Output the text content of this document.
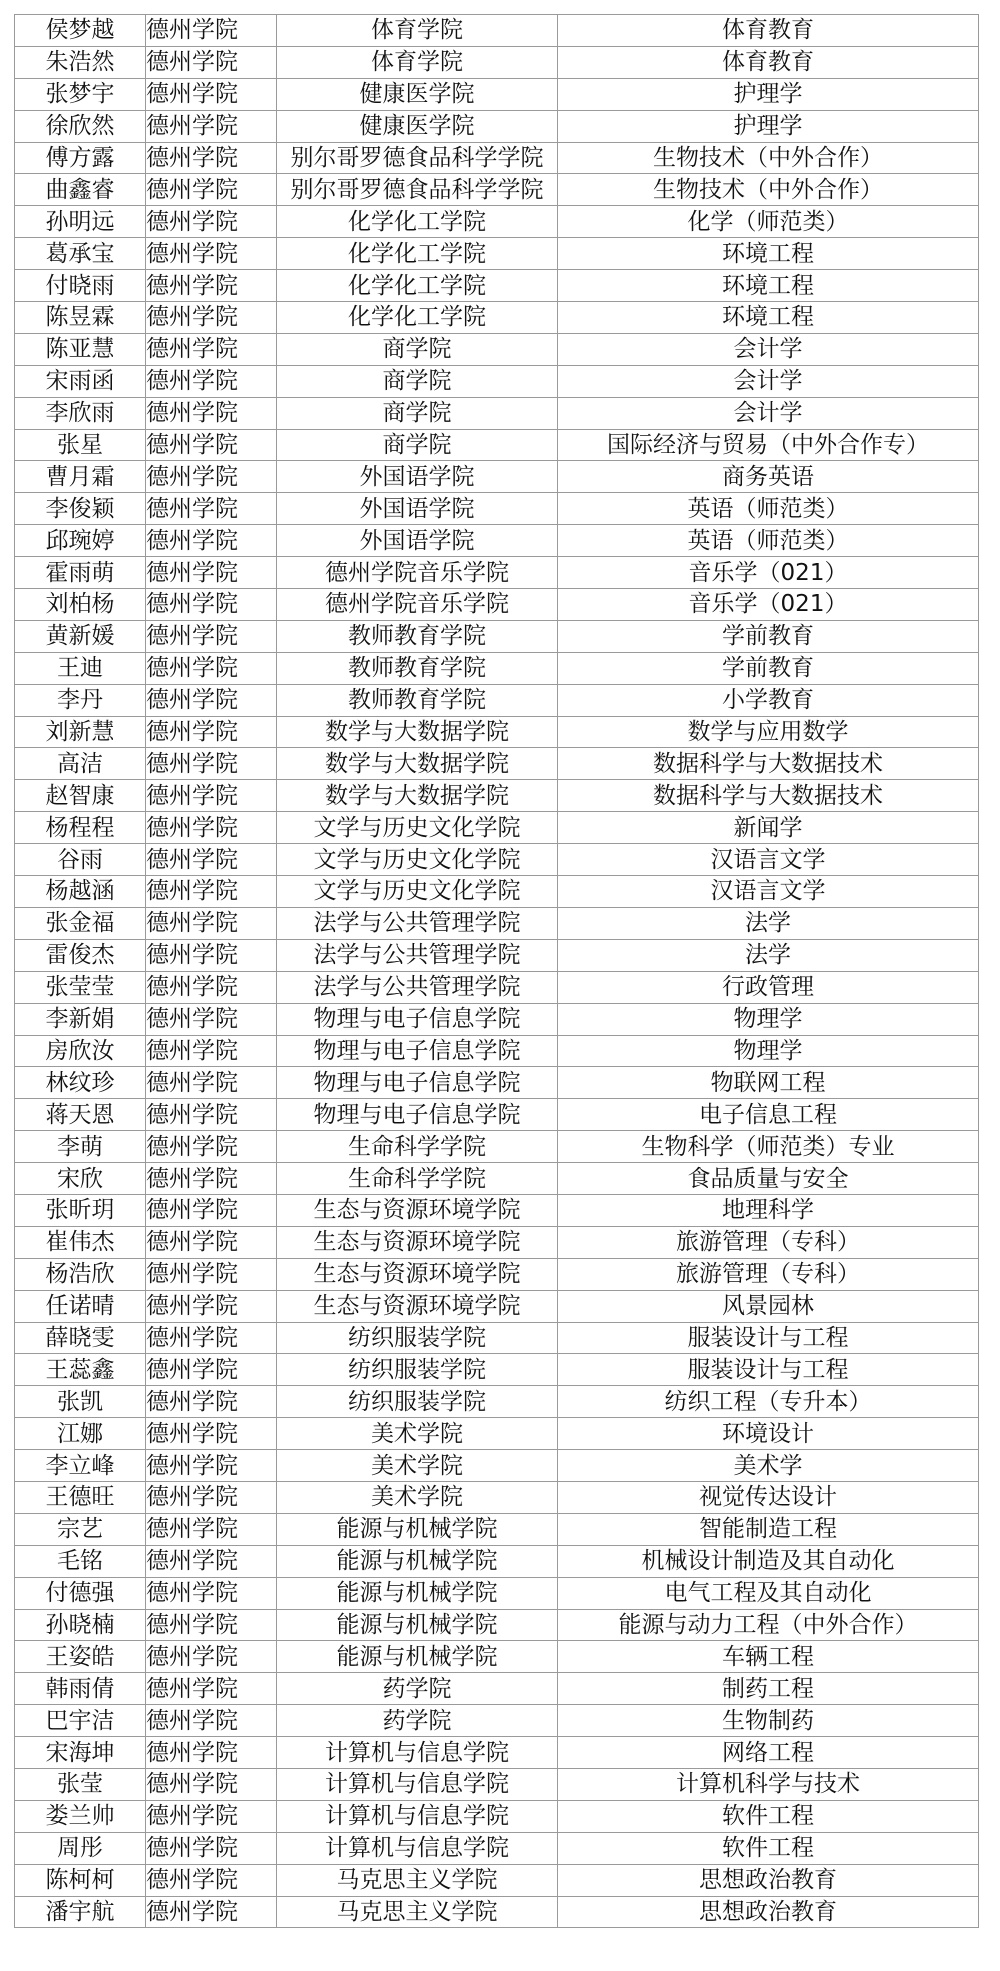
侯梦越	德州学院	体育学院	体育教育
朱浩然	德州学院	体育学院	体育教育
张梦宇	德州学院	健康医学院	护理学
徐欣然	德州学院	健康医学院	护理学
傅方露	德州学院	别尔哥罗德食品科学学院	生物技术（中外合作）
曲鑫睿	德州学院	别尔哥罗德食品科学学院	生物技术（中外合作）
孙明远	德州学院	化学化工学院	化学（师范类）
葛承宝	德州学院	化学化工学院	环境工程
付晓雨	德州学院	化学化工学院	环境工程
陈昱霖	德州学院	化学化工学院	环境工程
陈亚慧	德州学院	商学院	会计学
宋雨函	德州学院	商学院	会计学
李欣雨	德州学院	商学院	会计学
张星	德州学院	商学院	国际经济与贸易（中外合作专）
曹月霜	德州学院	外国语学院	商务英语
李俊颖	德州学院	外国语学院	英语（师范类）
邱琬婷	德州学院	外国语学院	英语（师范类）
霍雨萌	德州学院	德州学院音乐学院	音乐学（021）
刘柏杨	德州学院	德州学院音乐学院	音乐学（021）
黄新媛	德州学院	教师教育学院	学前教育
王迪	德州学院	教师教育学院	学前教育
李丹	德州学院	教师教育学院	小学教育
刘新慧	德州学院	数学与大数据学院	数学与应用数学
高洁	德州学院	数学与大数据学院	数据科学与大数据技术
赵智康	德州学院	数学与大数据学院	数据科学与大数据技术
杨程程	德州学院	文学与历史文化学院	新闻学
谷雨	德州学院	文学与历史文化学院	汉语言文学
杨越涵	德州学院	文学与历史文化学院	汉语言文学
张金福	德州学院	法学与公共管理学院	法学
雷俊杰	德州学院	法学与公共管理学院	法学
张莹莹	德州学院	法学与公共管理学院	行政管理
李新娟	德州学院	物理与电子信息学院	物理学
房欣汝	德州学院	物理与电子信息学院	物理学
林纹珍	德州学院	物理与电子信息学院	物联网工程
蒋天恩	德州学院	物理与电子信息学院	电子信息工程
李萌	德州学院	生命科学学院	生物科学（师范类）专业
宋欣	德州学院	生命科学学院	食品质量与安全
张昕玥	德州学院	生态与资源环境学院	地理科学
崔伟杰	德州学院	生态与资源环境学院	旅游管理（专科）
杨浩欣	德州学院	生态与资源环境学院	旅游管理（专科）
任诺晴	德州学院	生态与资源环境学院	风景园林
薛晓雯	德州学院	纺织服装学院	服装设计与工程
王蕊鑫	德州学院	纺织服装学院	服装设计与工程
张凯	德州学院	纺织服装学院	纺织工程（专升本）
江娜	德州学院	美术学院	环境设计
李立峰	德州学院	美术学院	美术学
王德旺	德州学院	美术学院	视觉传达设计
宗艺	德州学院	能源与机械学院	智能制造工程
毛铭	德州学院	能源与机械学院	机械设计制造及其自动化
付德强	德州学院	能源与机械学院	电气工程及其自动化
孙晓楠	德州学院	能源与机械学院	能源与动力工程（中外合作）
王姿皓	德州学院	能源与机械学院	车辆工程
韩雨倩	德州学院	药学院	制药工程
巴宇洁	德州学院	药学院	生物制药
宋海坤	德州学院	计算机与信息学院	网络工程
张莹	德州学院	计算机与信息学院	计算机科学与技术
娄兰帅	德州学院	计算机与信息学院	软件工程
周彤	德州学院	计算机与信息学院	软件工程
陈柯柯	德州学院	马克思主义学院	思想政治教育
潘宇航	德州学院	马克思主义学院	思想政治教育
